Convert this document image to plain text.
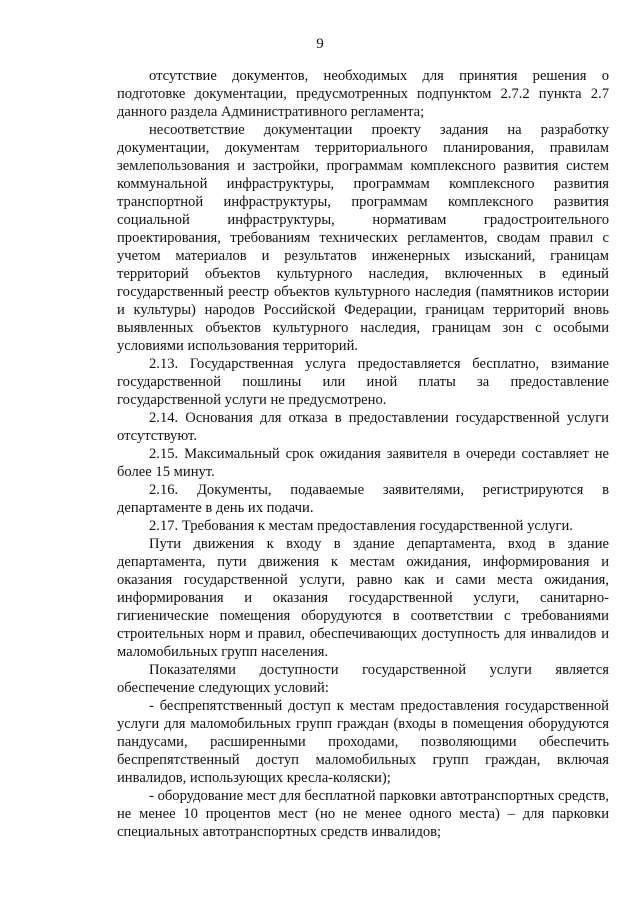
9

отсутствие документов, необходимых для принятия решения о подготовке документации, предусмотренных подпунктом 2.7.2 пункта 2.7 данного раздела Административного регламента;

несоответствие документации проекту задания на разработку документации, документам территориального планирования, правилам землепользования и застройки, программам комплексного развития систем коммунальной инфраструктуры, программам комплексного развития транспортной инфраструктуры, программам комплексного развития социальной инфраструктуры, нормативам градостроительного проектирования, требованиям технических регламентов, сводам правил с учетом материалов и результатов инженерных изысканий, границам территорий объектов культурного наследия, включенных в единый государственный реестр объектов культурного наследия (памятников истории и культуры) народов Российской Федерации, границам территорий вновь выявленных объектов культурного наследия, границам зон с особыми условиями использования территорий.

2.13. Государственная услуга предоставляется бесплатно, взимание государственной пошлины или иной платы за предоставление государственной услуги не предусмотрено.

2.14. Основания для отказа в предоставлении государственной услуги отсутствуют.

2.15. Максимальный срок ожидания заявителя в очереди составляет не более 15 минут.

2.16. Документы, подаваемые заявителями, регистрируются в департаменте в день их подачи.

2.17. Требования к местам предоставления государственной услуги.

Пути движения к входу в здание департамента, вход в здание департамента, пути движения к местам ожидания, информирования и оказания государственной услуги, равно как и сами места ожидания, информирования и оказания государственной услуги, санитарно-гигиенические помещения оборудуются в соответствии с требованиями строительных норм и правил, обеспечивающих доступность для инвалидов и маломобильных групп населения.

Показателями доступности государственной услуги является обеспечение следующих условий:

- беспрепятственный доступ к местам предоставления государственной услуги для маломобильных групп граждан (входы в помещения оборудуются пандусами, расширенными проходами, позволяющими обеспечить беспрепятственный доступ маломобильных групп граждан, включая инвалидов, использующих кресла-коляски);

- оборудование мест для бесплатной парковки автотранспортных средств, не менее 10 процентов мест (но не менее одного места) – для парковки специальных автотранспортных средств инвалидов;
